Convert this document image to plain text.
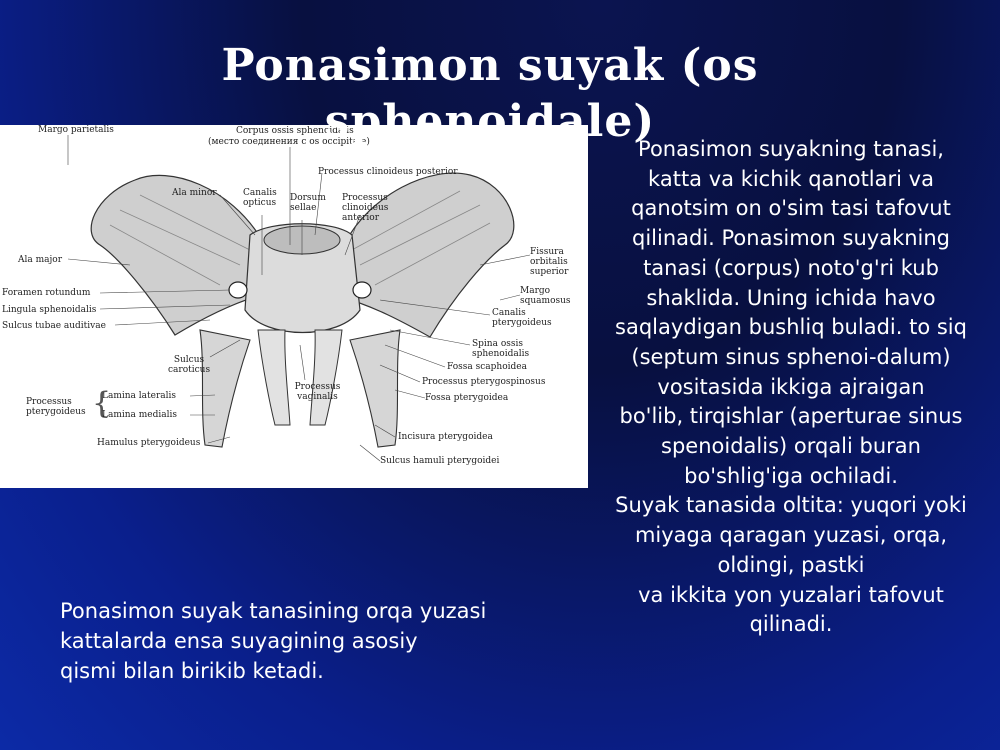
Margo parietalis	Corpus ossis sphenoidalis
(место соединения с os occipitale)
Processus clinoideus posterior
Ala minor	Canalis opticus	Dorsum sellae
Processus clinoideus anterior
Fissura orbitalis superior
Ala major
Margo squamosus
Foramen rotundum
Lingula sphenoidalis	Canalis pterygoideus
Sulcus tubae auditivae
Spina ossis sphenoidalis
Sulcus caroticus	Fossa scaphoidea
Processus vaginalis
Processus pterygospinosus
Lamina lateralis
Processus pterygoideus {	Fossa pterygoidea
Lamina medialis
Incisura pterygoidea
Hamulus pterygoideus
Sulcus hamuli pterygoidei
Ponasimon suyak (os sphenoidale)

Ponasimon suyakning tanasi, katta va kichik qanotlari va qanotsim on o'sim tasi tafovut

qilinadi. Ponasimon suyakning tanasi (corpus) noto'g'ri kub shaklida. Uning ichida havo saqlaydigan bushliq buladi. to siq (septum sinus sphenoi-dalum) vositasida ikkiga ajraigan

bo'lib, tirqishlar (aperturae sinus spenoidalis) orqali buran bo'shlig'iga ochiladi.

Suyak tanasida oltita: yuqori yoki miyaga qaragan yuzasi, orqa, oldingi, pastki

va ikkita yon yuzalari tafovut qilinadi.

Ponasimon suyak tanasining orqa yuzasi

kattalarda ensa suyagining asosiy

qismi bilan birikib ketadi.
